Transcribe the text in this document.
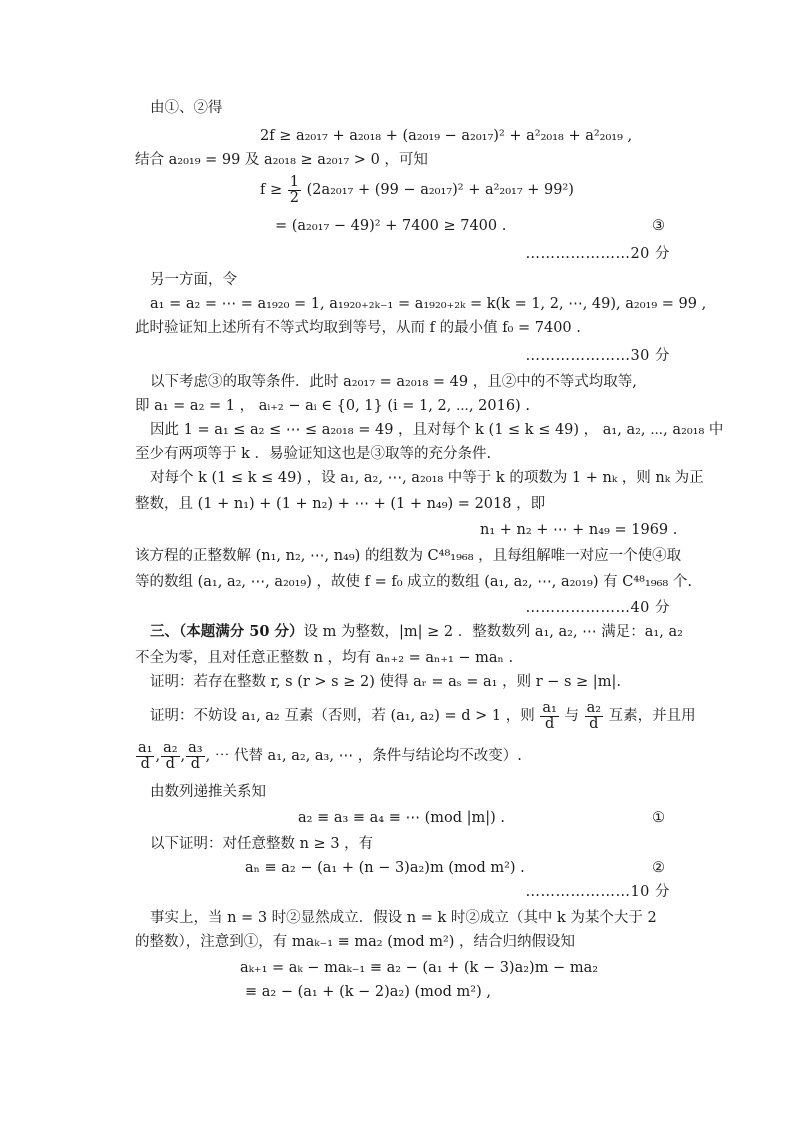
由①、②得
2f ≥ a₂₀₁₇ + a₂₀₁₈ + (a₂₀₁₉ − a₂₀₁₇)² + a²₂₀₁₈ + a²₂₀₁₉ ,
结合 a₂₀₁₉ = 99 及 a₂₀₁₈ ≥ a₂₀₁₇ > 0 ，可知
$f \ge \frac{1}{2} (2a_{2017} + (99 - a_{2017})^2 + a^2_{2017} + 99^2)$
= (a₂₀₁₇ − 49)² + 7400 ≥ 7400 .	③
…………………20 分
另一方面，令
a₁ = a₂ = ⋯ = a₁₉₂₀ = 1, a₁₉₂₀₊₂ₖ₋₁ = a₁₉₂₀₊₂ₖ = k(k = 1, 2, ⋯, 49), a₂₀₁₉ = 99 ,
此时验证知上述所有不等式均取到等号，从而 f 的最小值 f₀ = 7400 .
…………………30 分
以下考虑③的取等条件．此时 a₂₀₁₇ = a₂₀₁₈ = 49 ，且②中的不等式均取等,
即 a₁ = a₂ = 1 ， aᵢ₊₂ − aᵢ ∈ {0, 1} (i = 1, 2, ⋯, 2016) .
因此 1 = a₁ ≤ a₂ ≤ ⋯ ≤ a₂₀₁₈ = 49 ，且对每个 k (1 ≤ k ≤ 49) ， a₁, a₂, ⋯, a₂₀₁₈ 中
至少有两项等于 k ．易验证知这也是③取等的充分条件.
对每个 k (1 ≤ k ≤ 49) ，设 a₁, a₂, ⋯, a₂₀₁₈ 中等于 k 的项数为 1 + nₖ ，则 nₖ 为正
整数，且 (1 + n₁) + (1 + n₂) + ⋯ + (1 + n₄₉) = 2018 ，即
n₁ + n₂ + ⋯ + n₄₉ = 1969 .
该方程的正整数解 (n₁, n₂, ⋯, n₄₉) 的组数为 C⁴⁸₁₉₆₈ ，且每组解唯一对应一个使④取
等的数组 (a₁, a₂, ⋯, a₂₀₁₉) ，故使 f = f₀ 成立的数组 (a₁, a₂, ⋯, a₂₀₁₉) 有 C⁴⁸₁₉₆₈ 个.
…………………40 分
三、（本题满分 50 分）设 m 为整数，|m| ≥ 2 ．整数数列 a₁, a₂, ⋯ 满足：a₁, a₂
不全为零，且对任意正整数 n ，均有 aₙ₊₂ = aₙ₊₁ − maₙ .
证明：若存在整数 r, s (r > s ≥ 2) 使得 aᵣ = aₛ = a₁ ，则 r − s ≥ |m|.
证明：不妨设 a₁, a₂ 互素（否则，若 (a₁, a₂) = d > 1 ，则 $\frac{\text{a₁}}{d}$ 与 $\frac{\text{a₂}}{d}$ 互素，并且用
$\frac{\text{a₁}}{d}$ , $\frac{\text{a₂}}{d}$ , $\frac{\text{a₃}}{d}$ , ⋯ 代替 a₁, a₂, a₃, ⋯ ，条件与结论均不改变）.
由数列递推关系知
a₂ ≡ a₃ ≡ a₄ ≡ ⋯ (mod |m|) .	①
以下证明：对任意整数 n ≥ 3 ，有
aₙ ≡ a₂ − (a₁ + (n − 3)a₂)m (mod m²) .	②
…………………10 分
事实上，当 n = 3 时②显然成立．假设 n = k 时②成立（其中 k 为某个大于 2
的整数），注意到①，有 maₖ₋₁ ≡ ma₂ (mod m²) ，结合归纳假设知
aₖ₊₁ = aₖ − maₖ₋₁ ≡ a₂ − (a₁ + (k − 3)a₂)m − ma₂
≡ a₂ − (a₁ + (k − 2)a₂) (mod m²) ,
